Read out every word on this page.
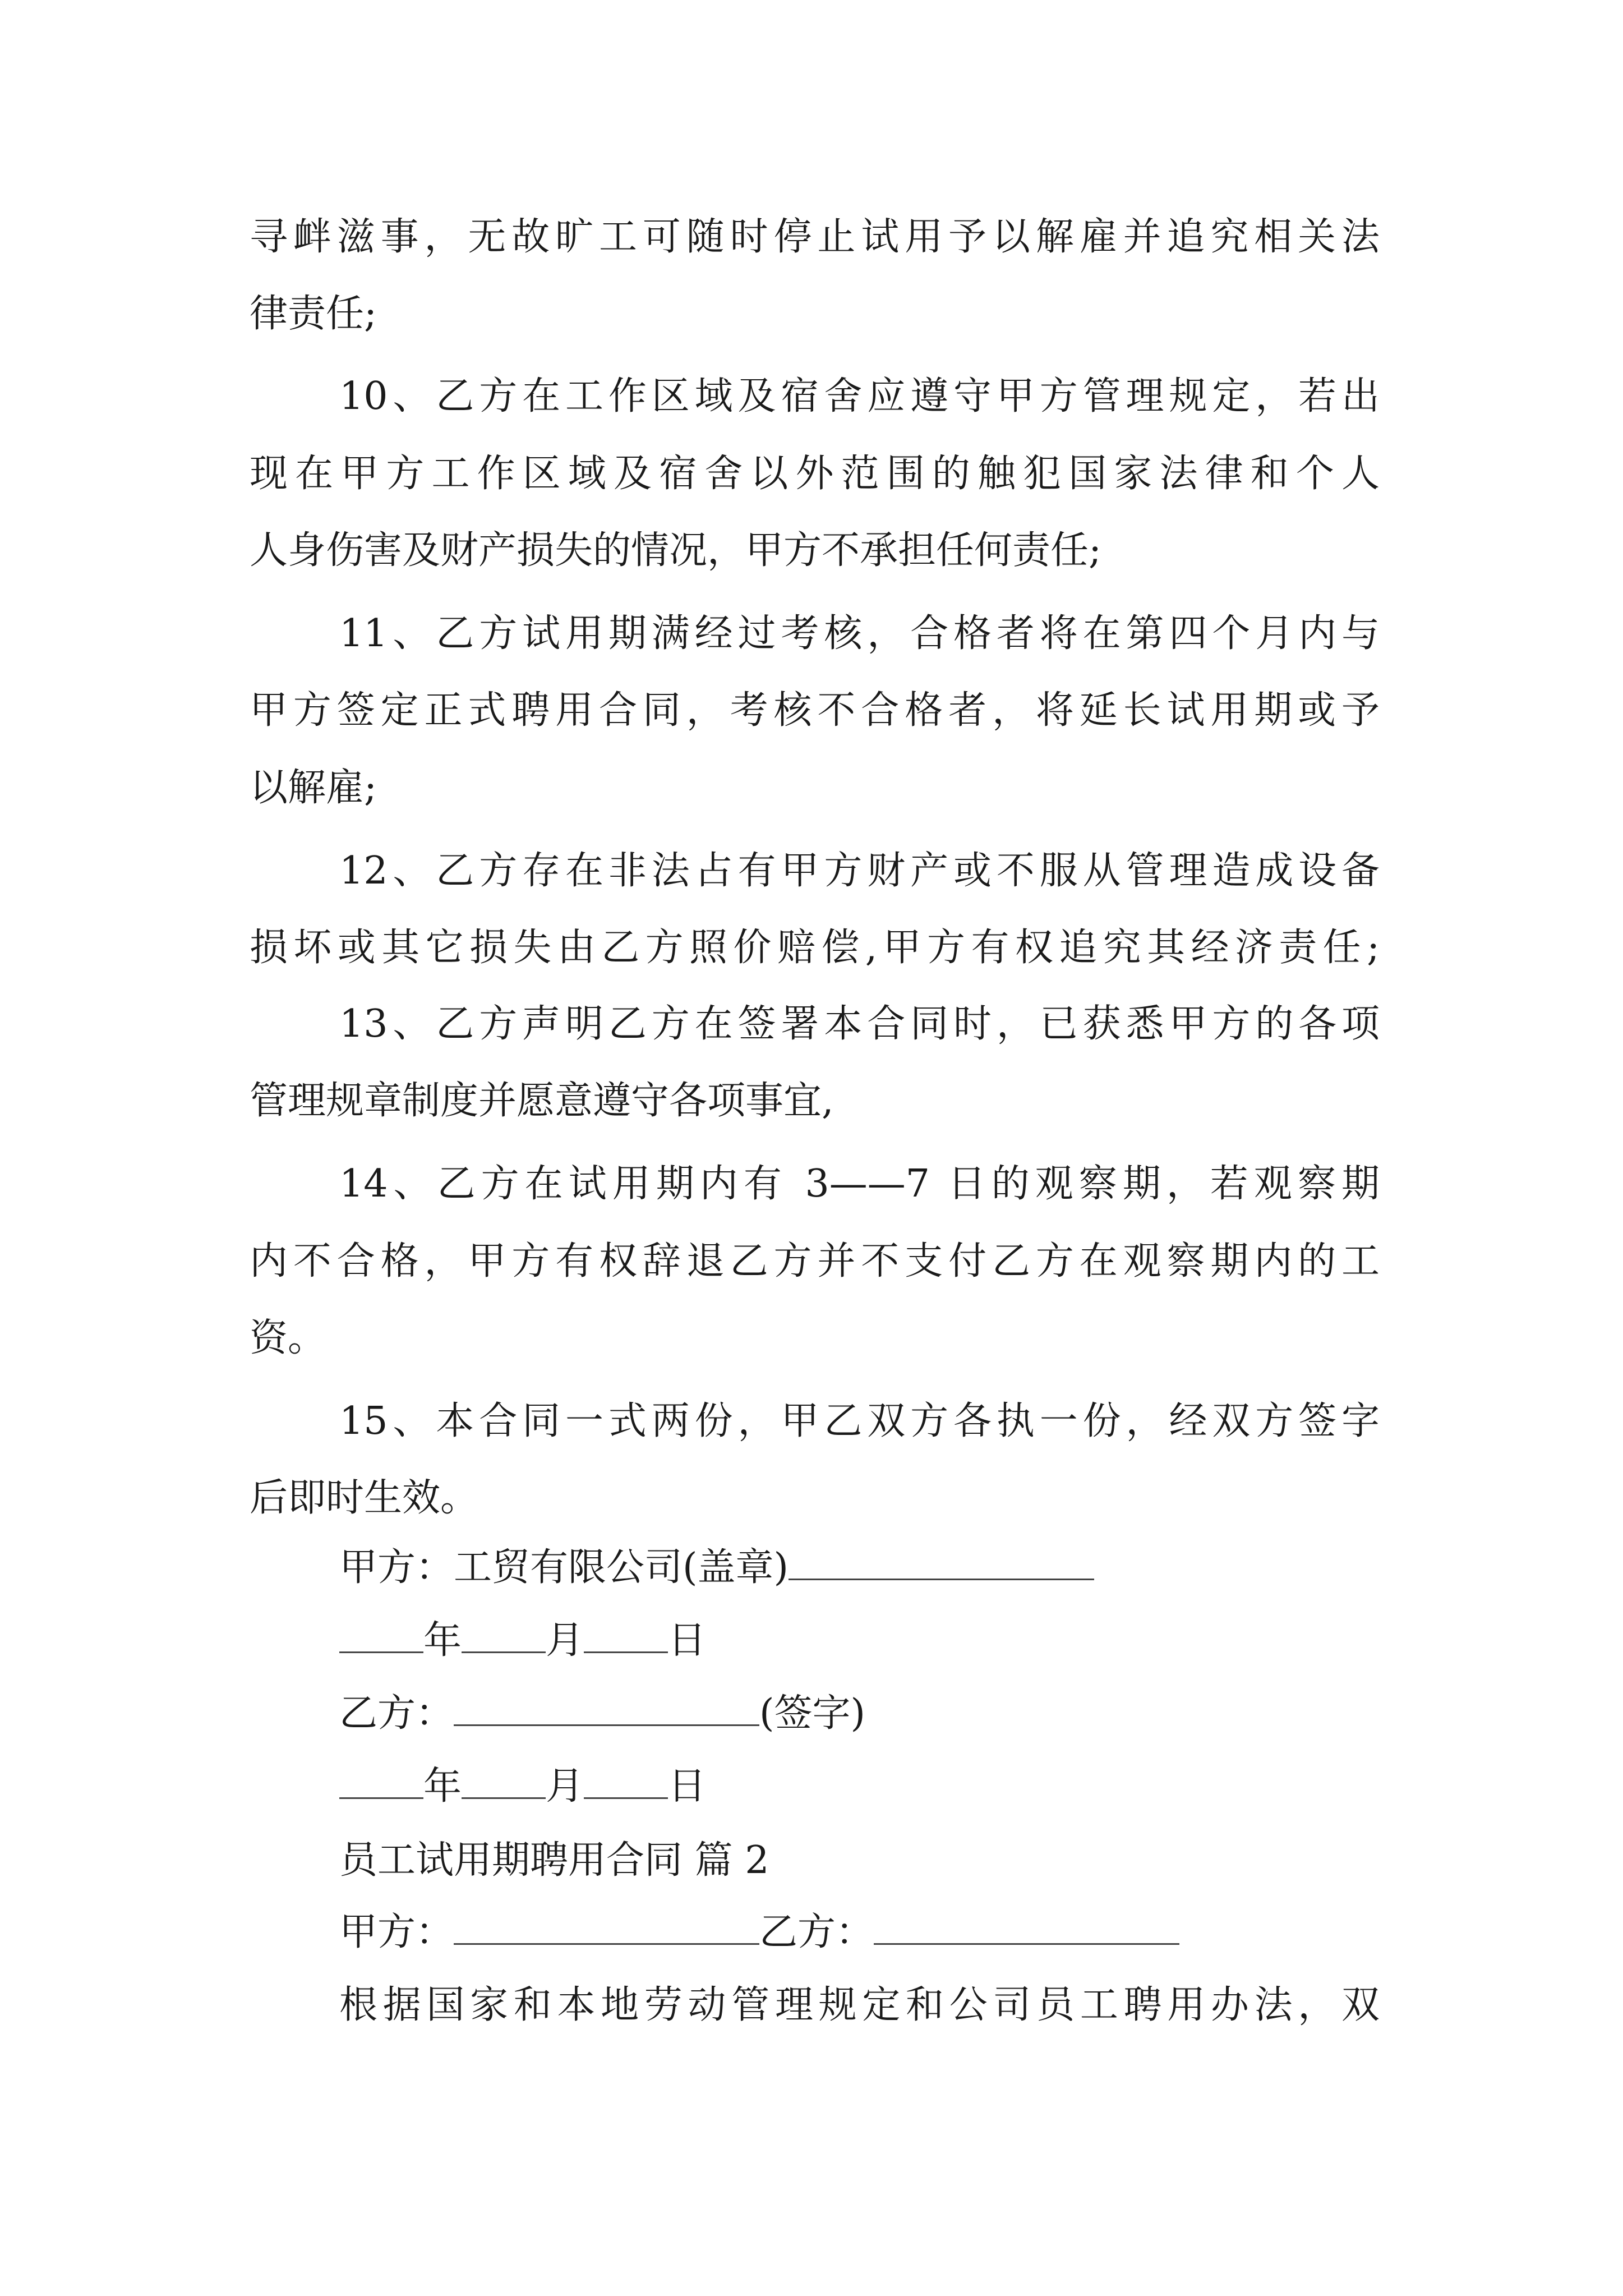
寻衅滋事，无故旷工可随时停止试用予以解雇并追究相关法
律责任;
10、乙方在工作区域及宿舍应遵守甲方管理规定，若出
现在甲方工作区域及宿舍以外范围的触犯国家法律和个人
人身伤害及财产损失的情况，甲方不承担任何责任;
11、乙方试用期满经过考核，合格者将在第四个月内与
甲方签定正式聘用合同，考核不合格者，将延长试用期或予
以解雇;
12、乙方存在非法占有甲方财产或不服从管理造成设备
损坏或其它损失由乙方照价赔偿,甲方有权追究其经济责任;
13、乙方声明乙方在签署本合同时，已获悉甲方的各项
管理规章制度并愿意遵守各项事宜,
14、乙方在试用期内有 3——7 日的观察期，若观察期
内不合格，甲方有权辞退乙方并不支付乙方在观察期内的工
资。
15、本合同一式两份，甲乙双方各执一份，经双方签字
后即时生效。
甲方：工贸有限公司(盖章)
年 月 日
乙方：	(签字)
年 月 日
员工试用期聘用合同 篇 2
甲方：	乙方：
根据国家和本地劳动管理规定和公司员工聘用办法，双
